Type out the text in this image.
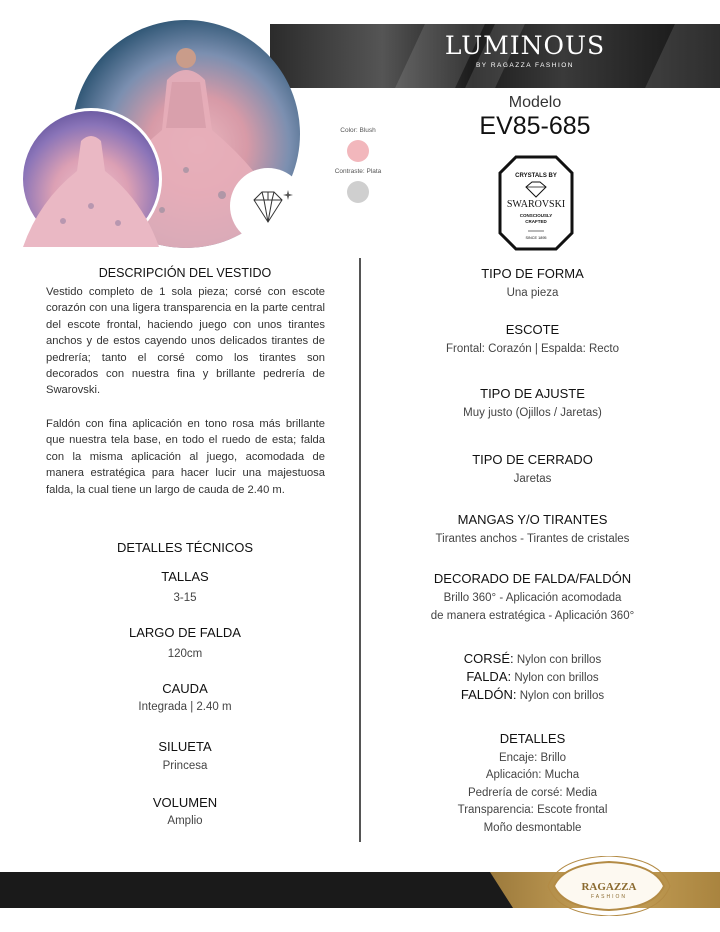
LUMINOUS
BY RAGAZZA FASHION
Color: Blush
Contraste: Plata
Modelo
EV85-685
CRYSTALS BY
SWAROVSKI
CONSCIOUSLY
CRAFTED
SINCE 1895
DESCRIPCIÓN DEL VESTIDO
Vestido completo de 1 sola pieza; corsé con escote corazón con una ligera transparencia en la parte central del escote frontal, haciendo juego con unos tirantes anchos y de estos cayendo unos delicados tirantes de pedrería; tanto el corsé como los tirantes son decorados con nuestra fina y brillante pedrería de Swarovski.
Faldón con fina aplicación en tono rosa más brillante que nuestra tela base, en todo el ruedo de esta; falda con la misma aplicación al juego, acomodada de manera estratégica para hacer lucir una majestuosa falda, la cual tiene un largo de cauda de 2.40 m.
DETALLES TÉCNICOS
TALLAS
3-15
LARGO DE FALDA
120cm
CAUDA
Integrada | 2.40 m
SILUETA
Princesa
VOLUMEN
Amplio
TIPO DE FORMA
Una pieza
ESCOTE
Frontal: Corazón | Espalda: Recto
TIPO DE AJUSTE
Muy justo (Ojillos / Jaretas)
TIPO DE CERRADO
Jaretas
MANGAS Y/O TIRANTES
Tirantes anchos - Tirantes de cristales
DECORADO DE FALDA/FALDÓN
Brillo 360° - Aplicación acomodada
de manera estratégica - Aplicación 360°
CORSÉ: Nylon con brillos
FALDA: Nylon con brillos
FALDÓN: Nylon con brillos
DETALLES
Encaje: Brillo
Aplicación: Mucha
Pedrería de corsé: Media
Transparencia: Escote frontal
Moño desmontable
RAGAZZA
FASHION
